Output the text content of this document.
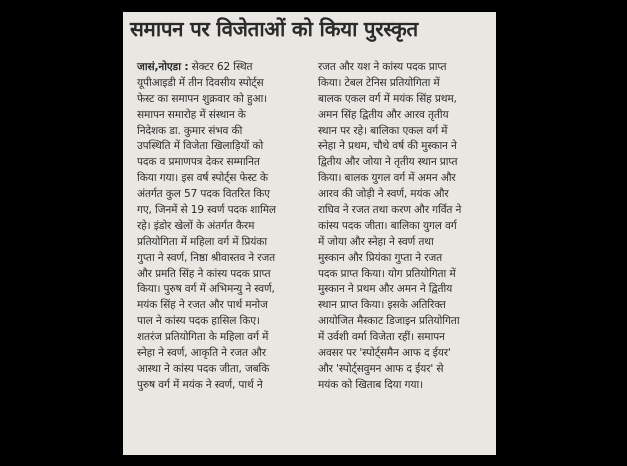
समापन पर विजेताओं को किया पुरस्कृत
जासं,नोएडा : सेक्टर 62 स्थित
यूपीआइडी में तीन दिवसीय स्पोर्ट्स
फेस्ट का समापन शुक्रवार को हुआ।
समापन समारोह में संस्थान के
निदेशक डा. कुमार संभव की
उपस्थिति में विजेता खिलाड़ियों को
पदक व प्रमाणपत्र देकर सम्मानित
किया गया। इस वर्ष स्पोर्ट्स फेस्ट के
अंतर्गत कुल 57 पदक वितरित किए
गए, जिनमें से 19 स्वर्ण पदक शामिल
रहे। इंडोर खेलों के अंतर्गत कैरम
प्रतियोगिता में महिला वर्ग में प्रियंका
गुप्ता ने स्वर्ण, निष्ठा श्रीवास्तव ने रजत
और प्रमति सिंह ने कांस्य पदक प्राप्त
किया। पुरुष वर्ग में अभिमन्यु ने स्वर्ण,
मयंक सिंह ने रजत और पार्थ मनोज
पाल ने कांस्य पदक हासिल किए।
शतरंज प्रतियोगिता के महिला वर्ग में
स्नेहा ने स्वर्ण, आकृति ने रजत और
आस्था ने कांस्य पदक जीता, जबकि
पुरुष वर्ग में मयंक ने स्वर्ण, पार्थ ने
रजत और यश ने कांस्य पदक प्राप्त
किया। टेबल टेनिस प्रतियोगिता में
बालक एकल वर्ग में मयंक सिंह प्रथम,
अमन सिंह द्वितीय और आरव तृतीय
स्थान पर रहे। बालिका एकल वर्ग में
स्नेहा ने प्रथम, चौथे वर्ष की मुस्कान ने
द्वितीय और जोया ने तृतीय स्थान प्राप्त
किया। बालक युगल वर्ग में अमन और
आरव की जोड़ी ने स्वर्ण, मयंक और
राघिव ने रजत तथा करण और गर्वित ने
कांस्य पदक जीता। बालिका युगल वर्ग
में जोया और स्नेहा ने स्वर्ण तथा
मुस्कान और प्रियंका गुप्ता ने रजत
पदक प्राप्त किया। योग प्रतियोगिता में
मुस्कान ने प्रथम और अमन ने द्वितीय
स्थान प्राप्त किया। इसके अतिरिक्त
आयोजित मैस्काट डिजाइन प्रतियोगिता
में उर्वशी वर्मा विजेता रहीं। समापन
अवसर पर 'स्पोर्ट्समैन आफ द ईयर'
और 'स्पोर्ट्सवुमन आफ द ईयर' से
मयंक को खिताब दिया गया।
